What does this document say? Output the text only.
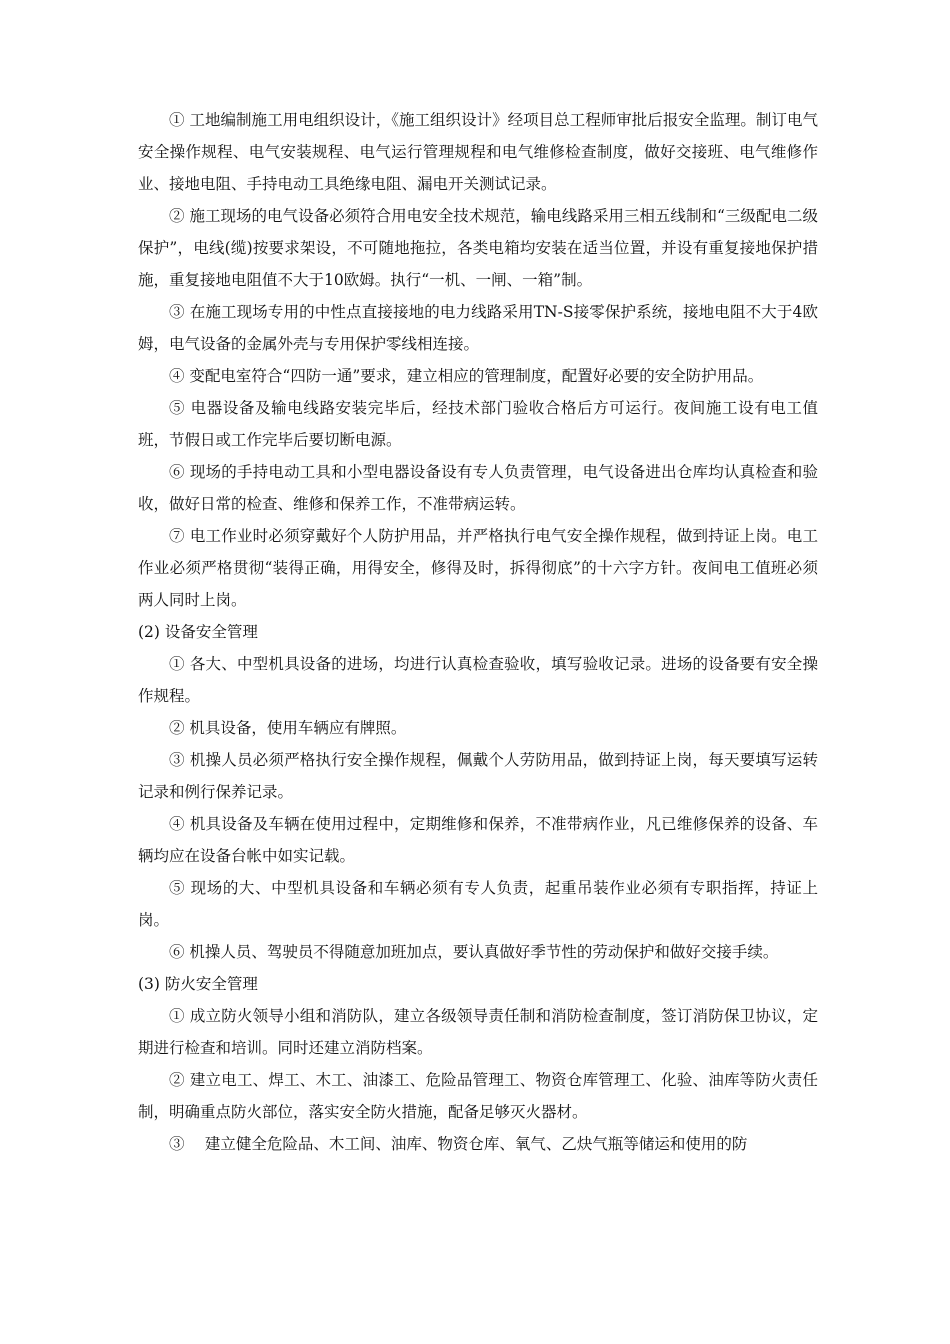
① 工地编制施工用电组织设计，《施工组织设计》经项目总工程师审批后报安全监理。制订电气安全操作规程、电气安装规程、电气运行管理规程和电气维修检查制度，做好交接班、电气维修作业、接地电阻、手持电动工具绝缘电阻、漏电开关测试记录。

② 施工现场的电气设备必须符合用电安全技术规范，输电线路采用三相五线制和“三级配电二级保护”，电线(缆)按要求架设，不可随地拖拉，各类电箱均安装在适当位置，并设有重复接地保护措施，重复接地电阻值不大于10欧姆。执行“一机、一闸、一箱”制。

③ 在施工现场专用的中性点直接接地的电力线路采用TN-S接零保护系统，接地电阻不大于4欧姆，电气设备的金属外壳与专用保护零线相连接。

④ 变配电室符合“四防一通”要求，建立相应的管理制度，配置好必要的安全防护用品。

⑤ 电器设备及输电线路安装完毕后，经技术部门验收合格后方可运行。夜间施工设有电工值班，节假日或工作完毕后要切断电源。

⑥ 现场的手持电动工具和小型电器设备设有专人负责管理，电气设备进出仓库均认真检查和验收，做好日常的检查、维修和保养工作，不准带病运转。

⑦ 电工作业时必须穿戴好个人防护用品，并严格执行电气安全操作规程，做到持证上岗。电工作业必须严格贯彻“装得正确，用得安全，修得及时，拆得彻底”的十六字方针。夜间电工值班必须两人同时上岗。

(2) 设备安全管理

① 各大、中型机具设备的进场，均进行认真检查验收，填写验收记录。进场的设备要有安全操作规程。

② 机具设备，使用车辆应有牌照。

③ 机操人员必须严格执行安全操作规程，佩戴个人劳防用品，做到持证上岗，每天要填写运转记录和例行保养记录。

④ 机具设备及车辆在使用过程中，定期维修和保养，不准带病作业，凡已维修保养的设备、车辆均应在设备台帐中如实记载。

⑤ 现场的大、中型机具设备和车辆必须有专人负责，起重吊装作业必须有专职指挥，持证上岗。

⑥ 机操人员、驾驶员不得随意加班加点，要认真做好季节性的劳动保护和做好交接手续。

(3) 防火安全管理

① 成立防火领导小组和消防队，建立各级领导责任制和消防检查制度，签订消防保卫协议，定期进行检查和培训。同时还建立消防档案。

② 建立电工、焊工、木工、油漆工、危险品管理工、物资仓库管理工、化验、油库等防火责任制，明确重点防火部位，落实安全防火措施，配备足够灭火器材。

③　 建立健全危险品、木工间、油库、物资仓库、氧气、乙炔气瓶等储运和使用的防
